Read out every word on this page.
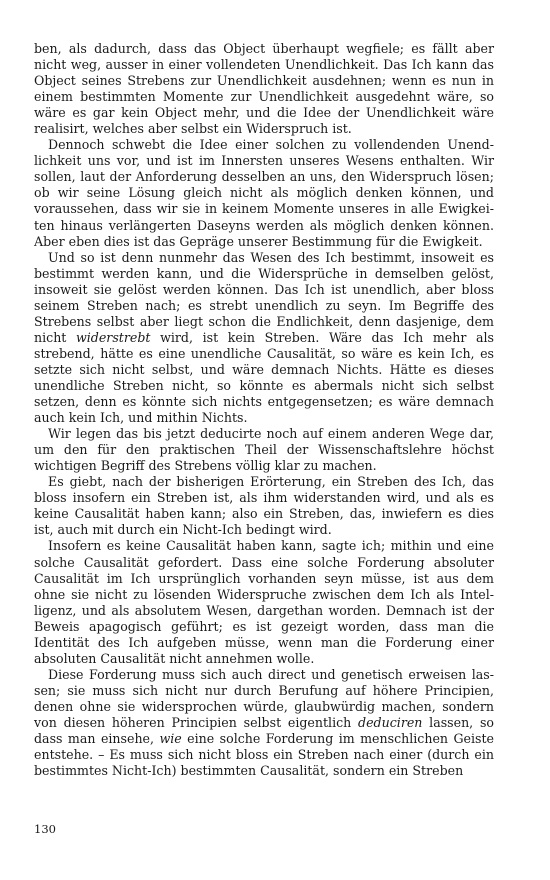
ben, als dadurch, dass das Object überhaupt wegfiele; es fällt aber nicht weg, ausser in einer vollendeten Unendlichkeit. Das Ich kann das Object seines Strebens zur Unendlichkeit ausdehnen; wenn es nun in einem bestimmten Momente zur Unendlichkeit ausgedehnt wäre, so wäre es gar kein Object mehr, und die Idee der Unendlichkeit wäre realisirt, welches aber selbst ein Widerspruch ist.

Dennoch schwebt die Idee einer solchen zu vollendenden Unendlichkeit uns vor, und ist im Innersten unseres Wesens enthalten. Wir sollen, laut der Anforderung desselben an uns, den Widerspruch lösen; ob wir seine Lösung gleich nicht als möglich denken können, und voraussehen, dass wir sie in keinem Momente unseres in alle Ewigkeiten hinaus verlängerten Daseyns werden als möglich denken können. Aber eben dies ist das Gepräge unserer Bestimmung für die Ewigkeit.

Und so ist denn nunmehr das Wesen des Ich bestimmt, insoweit es bestimmt werden kann, und die Widersprüche in demselben gelöst, insoweit sie gelöst werden können. Das Ich ist unendlich, aber bloss seinem Streben nach; es strebt unendlich zu seyn. Im Begriffe des Strebens selbst aber liegt schon die Endlichkeit, denn dasjenige, dem nicht widerstrebt wird, ist kein Streben. Wäre das Ich mehr als strebend, hätte es eine unendliche Causalität, so wäre es kein Ich, es setzte sich nicht selbst, und wäre demnach Nichts. Hätte es dieses unendliche Streben nicht, so könnte es abermals nicht sich selbst setzen, denn es könnte sich nichts entgegensetzen; es wäre demnach auch kein Ich, und mithin Nichts.

Wir legen das bis jetzt deducirte noch auf einem anderen Wege dar, um den für den praktischen Theil der Wissenschaftslehre höchst wichtigen Begriff des Strebens völlig klar zu machen.

Es giebt, nach der bisherigen Erörterung, ein Streben des Ich, das bloss insofern ein Streben ist, als ihm widerstanden wird, und als es keine Causalität haben kann; also ein Streben, das, inwiefern es dies ist, auch mit durch ein Nicht-Ich bedingt wird.

Insofern es keine Causalität haben kann, sagte ich; mithin und eine solche Causalität gefordert. Dass eine solche Forderung absoluter Causalität im Ich ursprünglich vorhanden seyn müsse, ist aus dem ohne sie nicht zu lösenden Widerspruche zwischen dem Ich als Intelligenz, und als absolutem Wesen, dargethan worden. Demnach ist der Beweis apagogisch geführt; es ist gezeigt worden, dass man die Identität des Ich aufgeben müsse, wenn man die Forderung einer absoluten Causalität nicht annehmen wolle.

Diese Forderung muss sich auch direct und genetisch erweisen lassen; sie muss sich nicht nur durch Berufung auf höhere Principien, denen ohne sie widersprochen würde, glaubwürdig machen, sondern von diesen höheren Principien selbst eigentlich deduciren lassen, so dass man einsehe, wie eine solche Forderung im menschlichen Geiste entstehe. – Es muss sich nicht bloss ein Streben nach einer (durch ein bestimmtes Nicht-Ich) bestimmten Causalität, sondern ein Streben

130
